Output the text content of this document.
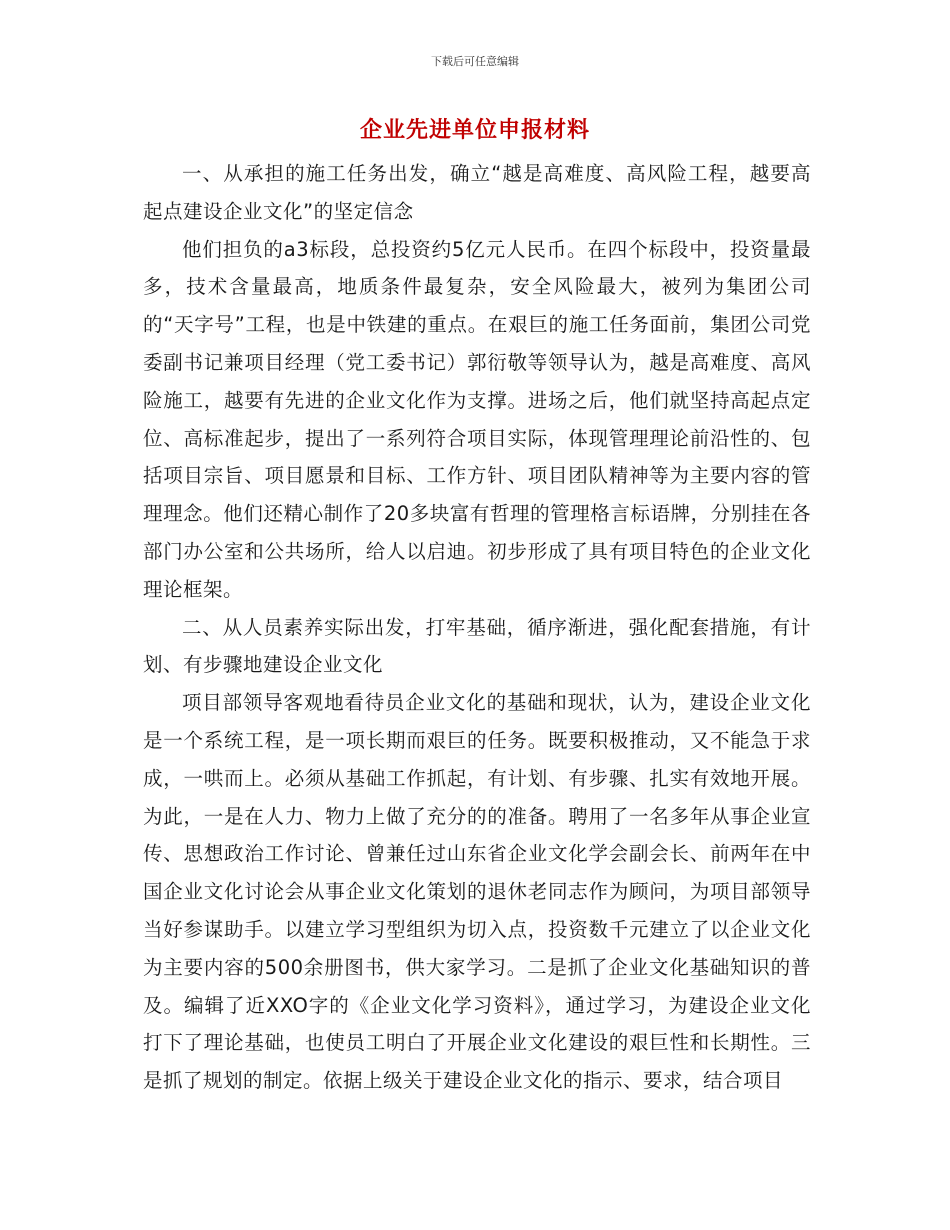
下载后可任意编辑
企业先进单位申报材料

一、从承担的施工任务出发，确立“越是高难度、高风险工程，越要高起点建设企业文化”的坚定信念

他们担负的a3标段，总投资约5亿元人民币。在四个标段中，投资量最多，技术含量最高，地质条件最复杂，安全风险最大，被列为集团公司的“天字号”工程，也是中铁建的重点。在艰巨的施工任务面前，集团公司党委副书记兼项目经理（党工委书记）郭衍敬等领导认为，越是高难度、高风险施工，越要有先进的企业文化作为支撑。进场之后，他们就坚持高起点定位、高标准起步，提出了一系列符合项目实际，体现管理理论前沿性的、包括项目宗旨、项目愿景和目标、工作方针、项目团队精神等为主要内容的管理理念。他们还精心制作了20多块富有哲理的管理格言标语牌，分别挂在各部门办公室和公共场所，给人以启迪。初步形成了具有项目特色的企业文化理论框架。

二、从人员素养实际出发，打牢基础，循序渐进，强化配套措施，有计划、有步骤地建设企业文化

项目部领导客观地看待员企业文化的基础和现状，认为，建设企业文化是一个系统工程，是一项长期而艰巨的任务。既要积极推动，又不能急于求成，一哄而上。必须从基础工作抓起，有计划、有步骤、扎实有效地开展。为此，一是在人力、物力上做了充分的的准备。聘用了一名多年从事企业宣传、思想政治工作讨论、曾兼任过山东省企业文化学会副会长、前两年在中国企业文化讨论会从事企业文化策划的退休老同志作为顾问，为项目部领导当好参谋助手。以建立学习型组织为切入点，投资数千元建立了以企业文化为主要内容的500余册图书，供大家学习。二是抓了企业文化基础知识的普及。编辑了近XXO字的《企业文化学习资料》，通过学习，为建设企业文化打下了理论基础，也使员工明白了开展企业文化建设的艰巨性和长期性。三是抓了规划的制定。依据上级关于建设企业文化的指示、要求，结合项目
